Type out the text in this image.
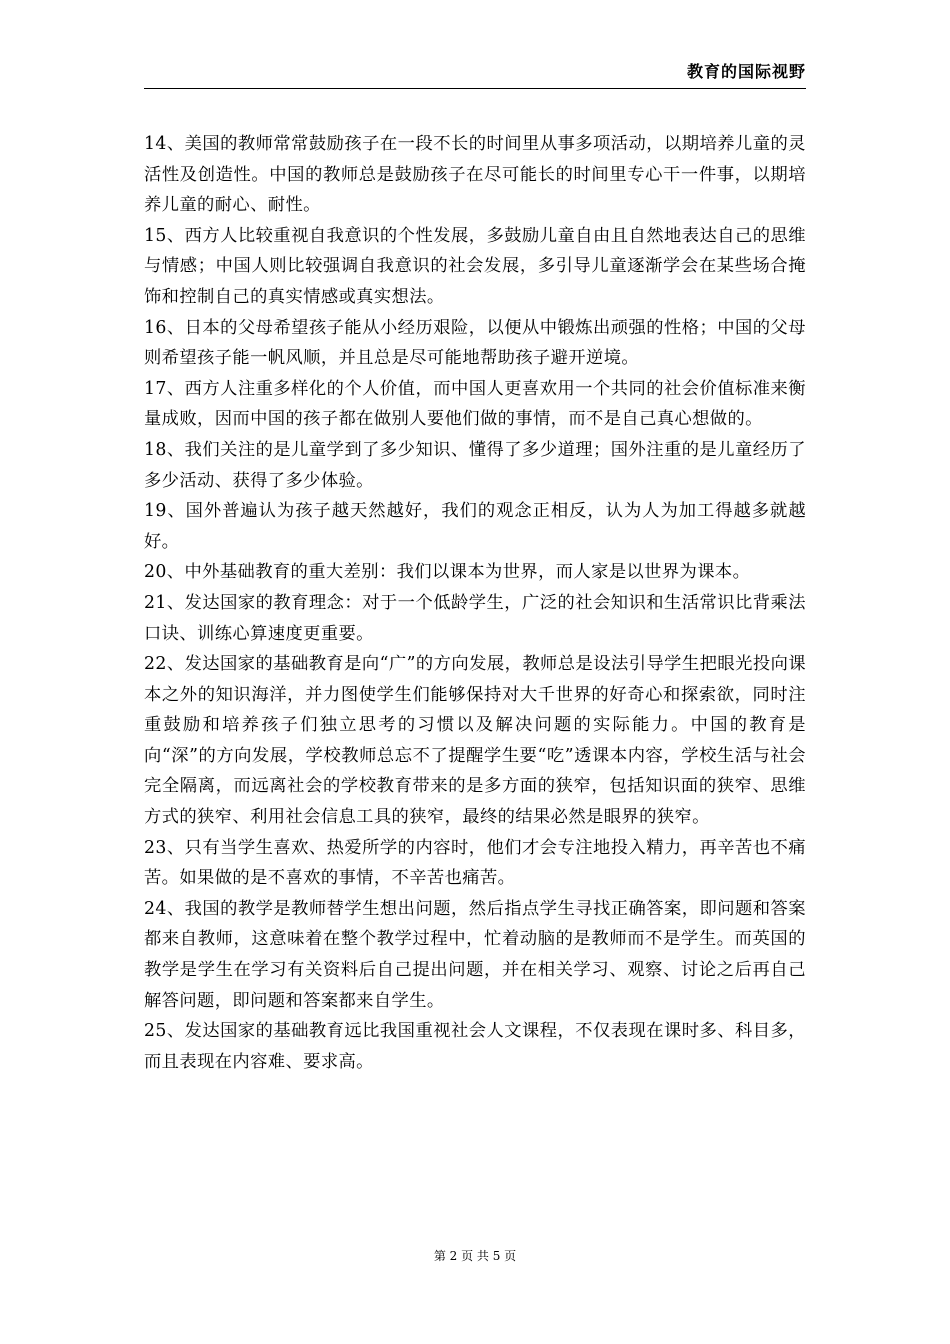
教育的国际视野

14、美国的教师常常鼓励孩子在一段不长的时间里从事多项活动，以期培养儿童的灵活性及创造性。中国的教师总是鼓励孩子在尽可能长的时间里专心干一件事，以期培养儿童的耐心、耐性。

15、西方人比较重视自我意识的个性发展，多鼓励儿童自由且自然地表达自己的思维与情感；中国人则比较强调自我意识的社会发展，多引导儿童逐渐学会在某些场合掩饰和控制自己的真实情感或真实想法。

16、日本的父母希望孩子能从小经历艰险，以便从中锻炼出顽强的性格；中国的父母则希望孩子能一帆风顺，并且总是尽可能地帮助孩子避开逆境。

17、西方人注重多样化的个人价值，而中国人更喜欢用一个共同的社会价值标准来衡量成败，因而中国的孩子都在做别人要他们做的事情，而不是自己真心想做的。

18、我们关注的是儿童学到了多少知识、懂得了多少道理；国外注重的是儿童经历了多少活动、获得了多少体验。

19、国外普遍认为孩子越天然越好，我们的观念正相反，认为人为加工得越多就越好。

20、中外基础教育的重大差别：我们以课本为世界，而人家是以世界为课本。

21、发达国家的教育理念：对于一个低龄学生，广泛的社会知识和生活常识比背乘法口诀、训练心算速度更重要。

22、发达国家的基础教育是向“广”的方向发展，教师总是设法引导学生把眼光投向课本之外的知识海洋，并力图使学生们能够保持对大千世界的好奇心和探索欲，同时注重鼓励和培养孩子们独立思考的习惯以及解决问题的实际能力。中国的教育是向“深”的方向发展，学校教师总忘不了提醒学生要“吃”透课本内容，学校生活与社会完全隔离，而远离社会的学校教育带来的是多方面的狭窄，包括知识面的狭窄、思维方式的狭窄、利用社会信息工具的狭窄，最终的结果必然是眼界的狭窄。

23、只有当学生喜欢、热爱所学的内容时，他们才会专注地投入精力，再辛苦也不痛苦。如果做的是不喜欢的事情，不辛苦也痛苦。

24、我国的教学是教师替学生想出问题，然后指点学生寻找正确答案，即问题和答案都来自教师，这意味着在整个教学过程中，忙着动脑的是教师而不是学生。而英国的教学是学生在学习有关资料后自己提出问题，并在相关学习、观察、讨论之后再自己解答问题，即问题和答案都来自学生。

25、发达国家的基础教育远比我国重视社会人文课程，不仅表现在课时多、科目多，而且表现在内容难、要求高。

第 2 页 共 5 页
